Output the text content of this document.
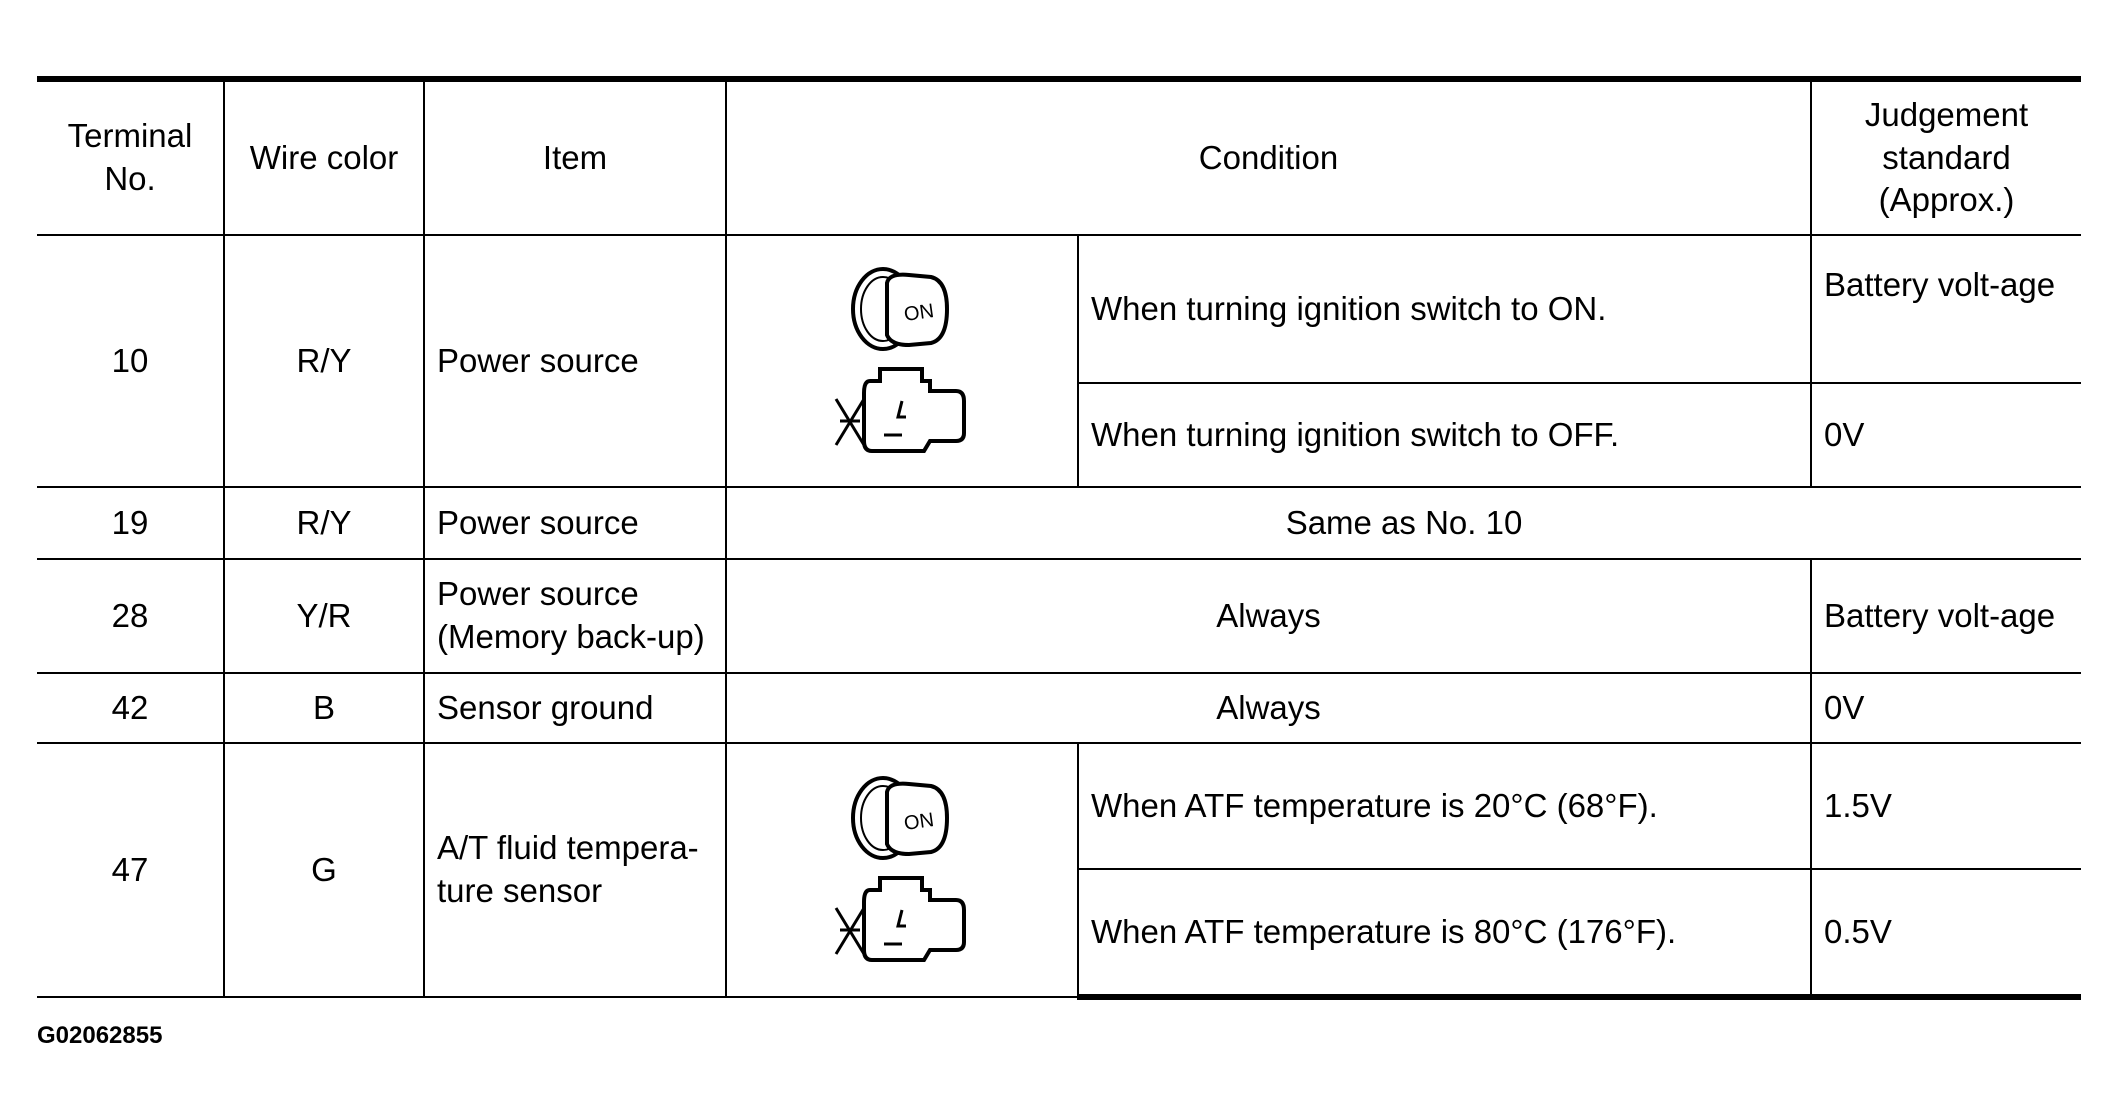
Terminal No.	Wire color	Item	Condition		Judgement standard (Approx.)
10	R/Y	Power source	ON	When turning ignition switch to ON.	Battery volt-age
				When turning ignition switch to OFF.	0V
19	R/Y	Power source	Same as No. 10		
28	Y/R	Power source (Memory back-up)	Always		Battery volt-age
42	B	Sensor ground	Always		0V
47	G	A/T fluid tempera-ture sensor	ON	When ATF temperature is 20°C (68°F).	1.5V
				When ATF temperature is 80°C (176°F).	0.5V
G02062855
